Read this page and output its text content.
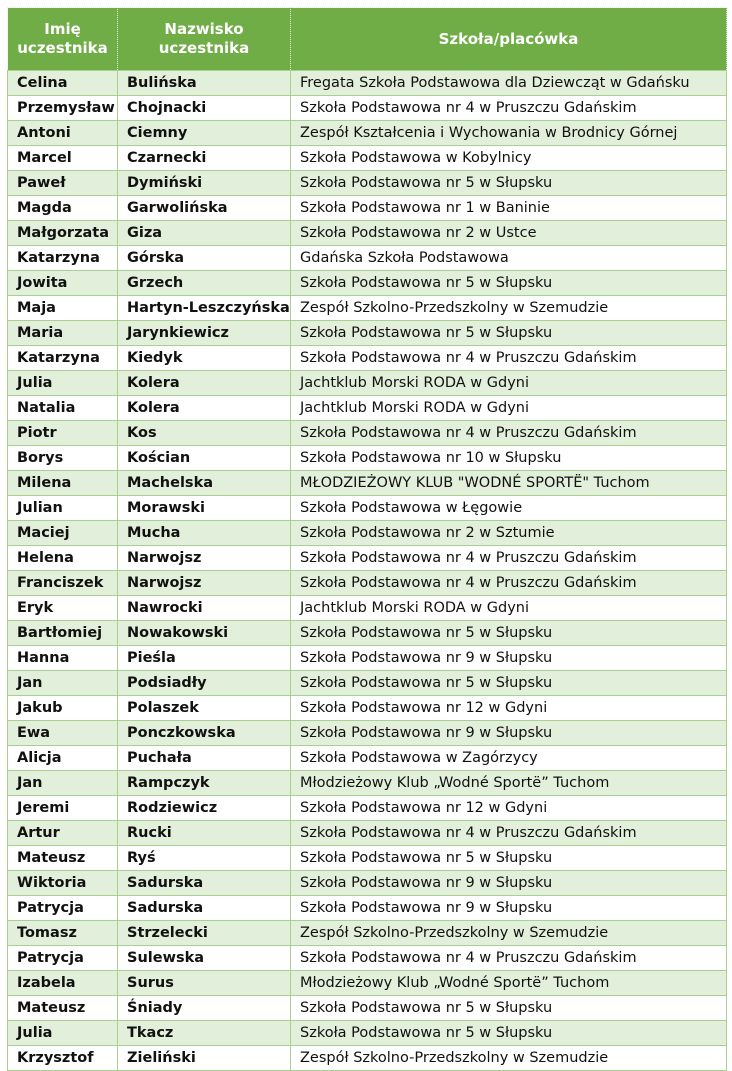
Imię uczestnika	Nazwisko uczestnika	Szkoła/placówka
Celina	Bulińska	Fregata Szkoła Podstawowa dla Dziewcząt w Gdańsku
Przemysław	Chojnacki	Szkoła Podstawowa nr 4 w Pruszczu Gdańskim
Antoni	Ciemny	Zespół Kształcenia i Wychowania w Brodnicy Górnej
Marcel	Czarnecki	Szkoła Podstawowa w Kobylnicy
Paweł	Dymiński	Szkoła Podstawowa nr 5 w Słupsku
Magda	Garwolińska	Szkoła Podstawowa nr 1 w Baninie
Małgorzata	Giza	Szkoła Podstawowa nr 2 w Ustce
Katarzyna	Górska	Gdańska Szkoła Podstawowa
Jowita	Grzech	Szkoła Podstawowa nr 5 w Słupsku
Maja	Hartyn-Leszczyńska	Zespół Szkolno-Przedszkolny w Szemudzie
Maria	Jarynkiewicz	Szkoła Podstawowa nr 5 w Słupsku
Katarzyna	Kiedyk	Szkoła Podstawowa nr 4 w Pruszczu Gdańskim
Julia	Kolera	Jachtklub Morski RODA w Gdyni
Natalia	Kolera	Jachtklub Morski RODA w Gdyni
Piotr	Kos	Szkoła Podstawowa nr 4 w Pruszczu Gdańskim
Borys	Kościan	Szkoła Podstawowa nr 10 w Słupsku
Milena	Machelska	MŁODZIEŻOWY KLUB "WODNÉ SPORTË" Tuchom
Julian	Morawski	Szkoła Podstawowa w Łęgowie
Maciej	Mucha	Szkoła Podstawowa nr 2 w Sztumie
Helena	Narwojsz	Szkoła Podstawowa nr 4 w Pruszczu Gdańskim
Franciszek	Narwojsz	Szkoła Podstawowa nr 4 w Pruszczu Gdańskim
Eryk	Nawrocki	Jachtklub Morski RODA w Gdyni
Bartłomiej	Nowakowski	Szkoła Podstawowa nr 5 w Słupsku
Hanna	Pieśla	Szkoła Podstawowa nr 9 w Słupsku
Jan	Podsiadły	Szkoła Podstawowa nr 5 w Słupsku
Jakub	Polaszek	Szkoła Podstawowa nr 12 w Gdyni
Ewa	Ponczkowska	Szkoła Podstawowa nr 9 w Słupsku
Alicja	Puchała	Szkoła Podstawowa w Zagórzycy
Jan	Rampczyk	Młodzieżowy Klub „Wodné Sportë” Tuchom
Jeremi	Rodziewicz	Szkoła Podstawowa nr 12 w Gdyni
Artur	Rucki	Szkoła Podstawowa nr 4 w Pruszczu Gdańskim
Mateusz	Ryś	Szkoła Podstawowa nr 5 w Słupsku
Wiktoria	Sadurska	Szkoła Podstawowa nr 9 w Słupsku
Patrycja	Sadurska	Szkoła Podstawowa nr 9 w Słupsku
Tomasz	Strzelecki	Zespół Szkolno-Przedszkolny w Szemudzie
Patrycja	Sulewska	Szkoła Podstawowa nr 4 w Pruszczu Gdańskim
Izabela	Surus	Młodzieżowy Klub „Wodné Sportë” Tuchom
Mateusz	Śniady	Szkoła Podstawowa nr 5 w Słupsku
Julia	Tkacz	Szkoła Podstawowa nr 5 w Słupsku
Krzysztof	Zieliński	Zespół Szkolno-Przedszkolny w Szemudzie
